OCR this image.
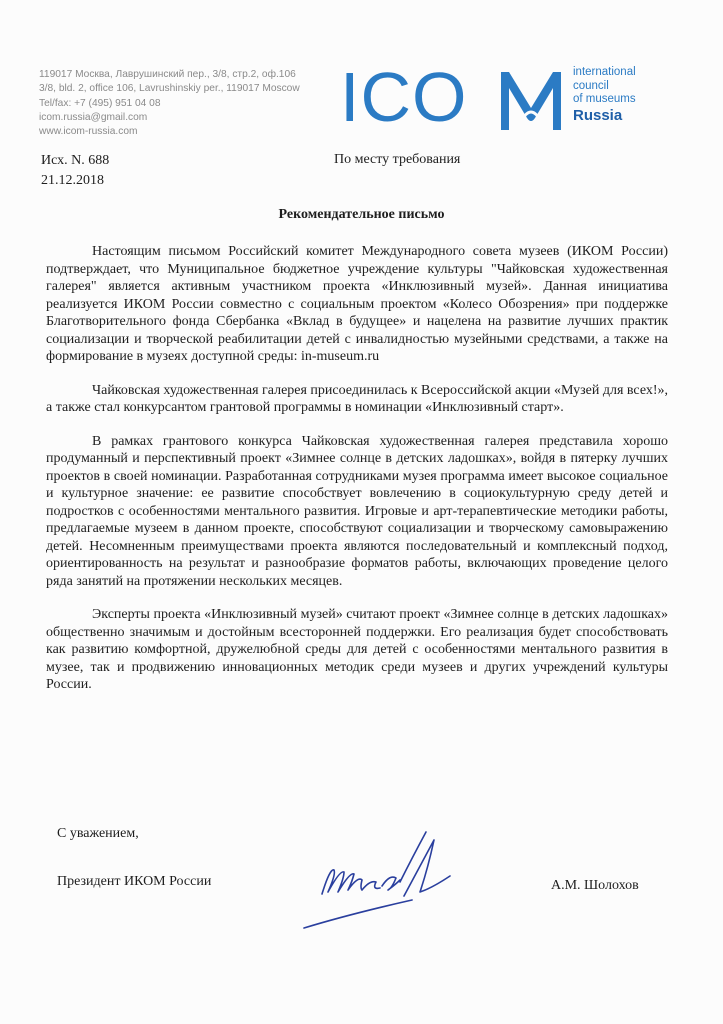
119017 Москва, Лаврушинский пер., 3/8, стр.2, оф.106
3/8, bld. 2, office 106, Lavrushinskiy per., 119017 Moscow
Tel/fax: +7 (495) 951 04 08
icom.russia@gmail.com
www.icom-russia.com	ICO	international
council
of museums
Russia
Исх. N. 688
21.12.2018
По месту требования
Рекомендательное письмо

Настоящим письмом Российский комитет Международного совета музеев (ИКОМ России) подтверждает, что Муниципальное бюджетное учреждение культуры "Чайковская художественная галерея" является активным участником проекта «Инклюзивный музей». Данная инициатива реализуется ИКОМ России совместно с социальным проектом «Колесо Обозрения» при поддержке Благотворительного фонда Сбербанка «Вклад в будущее» и нацелена на развитие лучших практик социализации и творческой реабилитации детей с инвалидностью музейными средствами, а также на формирование в музеях доступной среды: in-museum.ru

Чайковская художественная галерея присоединилась к Всероссийской акции «Музей для всех!», а также стал конкурсантом грантовой программы в номинации «Инклюзивный старт».

В рамках грантового конкурса Чайковская художественная галерея представила хорошо продуманный и перспективный проект «Зимнее солнце в детских ладошках», войдя в пятерку лучших проектов в своей номинации. Разработанная сотрудниками музея программа имеет высокое социальное и культурное значение: ее развитие способствует вовлечению в социокультурную среду детей и подростков с особенностями ментального развития. Игровые и арт-терапевтические методики работы, предлагаемые музеем в данном проекте, способствуют социализации и творческому самовыражению детей. Несомненным преимуществами проекта являются последовательный и комплексный подход, ориентированность на результат и разнообразие форматов работы, включающих проведение целого ряда занятий на протяжении нескольких месяцев.

Эксперты проекта «Инклюзивный музей» считают проект «Зимнее солнце в детских ладошках» общественно значимым и достойным всесторонней поддержки. Его реализация будет способствовать как развитию комфортной, дружелюбной среды для детей с особенностями ментального развития в музее, так и продвижению инновационных методик среди музеев и других учреждений культуры России.

С уважением,
Президент ИКОМ России	А.М. Шолохов
